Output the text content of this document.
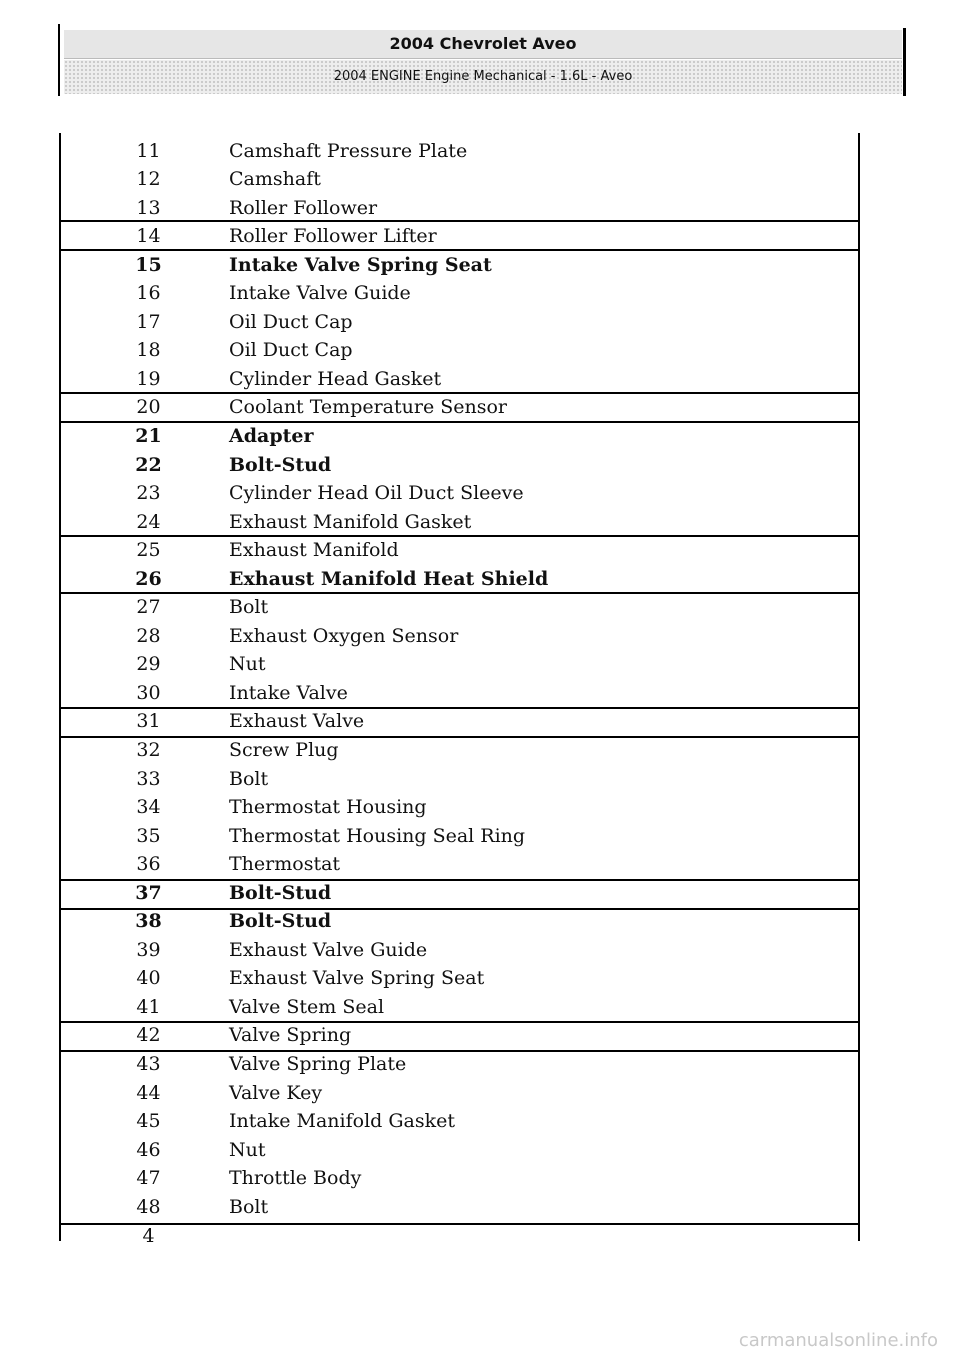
2004 Chevrolet Aveo
2004 ENGINE Engine Mechanical - 1.6L - Aveo
11	Camshaft Pressure Plate
12	Camshaft
13	Roller Follower
14	Roller Follower Lifter
15	Intake Valve Spring Seat
16	Intake Valve Guide
17	Oil Duct Cap
18	Oil Duct Cap
19	Cylinder Head Gasket
20	Coolant Temperature Sensor
21	Adapter
22	Bolt-Stud
23	Cylinder Head Oil Duct Sleeve
24	Exhaust Manifold Gasket
25	Exhaust Manifold
26	Exhaust Manifold Heat Shield
27	Bolt
28	Exhaust Oxygen Sensor
29	Nut
30	Intake Valve
31	Exhaust Valve
32	Screw Plug
33	Bolt
34	Thermostat Housing
35	Thermostat Housing Seal Ring
36	Thermostat
37	Bolt-Stud
38	Bolt-Stud
39	Exhaust Valve Guide
40	Exhaust Valve Spring Seat
41	Valve Stem Seal
42	Valve Spring
43	Valve Spring Plate
44	Valve Key
45	Intake Manifold Gasket
46	Nut
47	Throttle Body
48	Bolt
4
carmanualsonline.info
